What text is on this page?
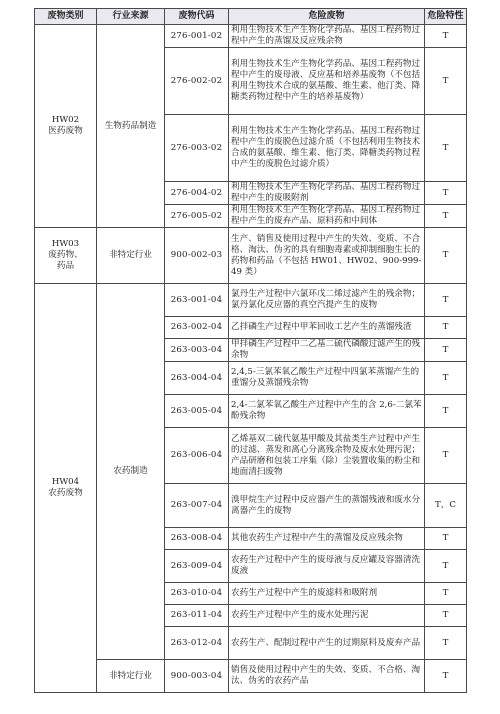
废物类别	行业来源	废物代码	危险废物	危险特性
HW02
医药废物	生物药品制造	276-001-02	利用生物技术生产生物化学药品、基因工程药物过程中产生的蒸馏及反应残余物	T
		276-002-02	利用生物技术生产生物化学药品、基因工程药物过程中产生的废母液、反应基和培养基废物（不包括利用生物技术合成的氨基酸、维生素、他汀类、降糖类药物过程中产生的培养基废物）	T
		276-003-02	利用生物技术生产生物化学药品、基因工程药物过程中产生的废脱色过滤介质（不包括利用生物技术合成的氨基酸、维生素、他汀类、降糖类药物过程中产生的废脱色过滤介质）	T
		276-004-02	利用生物技术生产生物化学药品、基因工程药物过程中产生的废吸附剂	T
		276-005-02	利用生物技术生产生物化学药品、基因工程药物过程中产生的废弃产品、原料药和中间体	T
HW03
废药物、
药品	非特定行业	900-002-03	生产、销售及使用过程中产生的失效、变质、不合格、淘汰、伪劣的具有细胞毒素或抑制细胞生长的药物和药品（不包括 HW01、HW02、900-999-49 类）	T
HW04
农药废物	农药制造	263-001-04	氯丹生产过程中六氯环戊二烯过滤产生的残余物；氯丹氯化反应器的真空汽提产生的废物	T
		263-002-04	乙拌磷生产过程中甲苯回收工艺产生的蒸馏残渣	T
		263-003-04	甲拌磷生产过程中二乙基二硫代磷酸过滤产生的残余物	T
		263-004-04	2,4,5-三氯苯氧乙酸生产过程中四氯苯蒸馏产生的重馏分及蒸馏残余物	T
		263-005-04	2,4-二氯苯氧乙酸生产过程中产生的含 2,6-二氯苯酚残余物	T
		263-006-04	乙烯基双二硫代氨基甲酸及其盐类生产过程中产生的过滤、蒸发和离心分离残余物及废水处理污泥；产品研磨和包装工序集（除）尘装置收集的粉尘和地面清扫废物	T
		263-007-04	溴甲烷生产过程中反应器产生的蒸馏残液和废水分离器产生的废物	T，C
		263-008-04	其他农药生产过程中产生的蒸馏及反应残余物	T
		263-009-04	农药生产过程中产生的废母液与反应罐及容器清洗废液	T
		263-010-04	农药生产过程中产生的废滤料和吸附剂	T
		263-011-04	农药生产过程中产生的废水处理污泥	T
		263-012-04	农药生产、配制过程中产生的过期原料及废弃产品	T
	非特定行业	900-003-04	销售及使用过程中产生的失效、变质、不合格、淘汰、伪劣的农药产品	T
